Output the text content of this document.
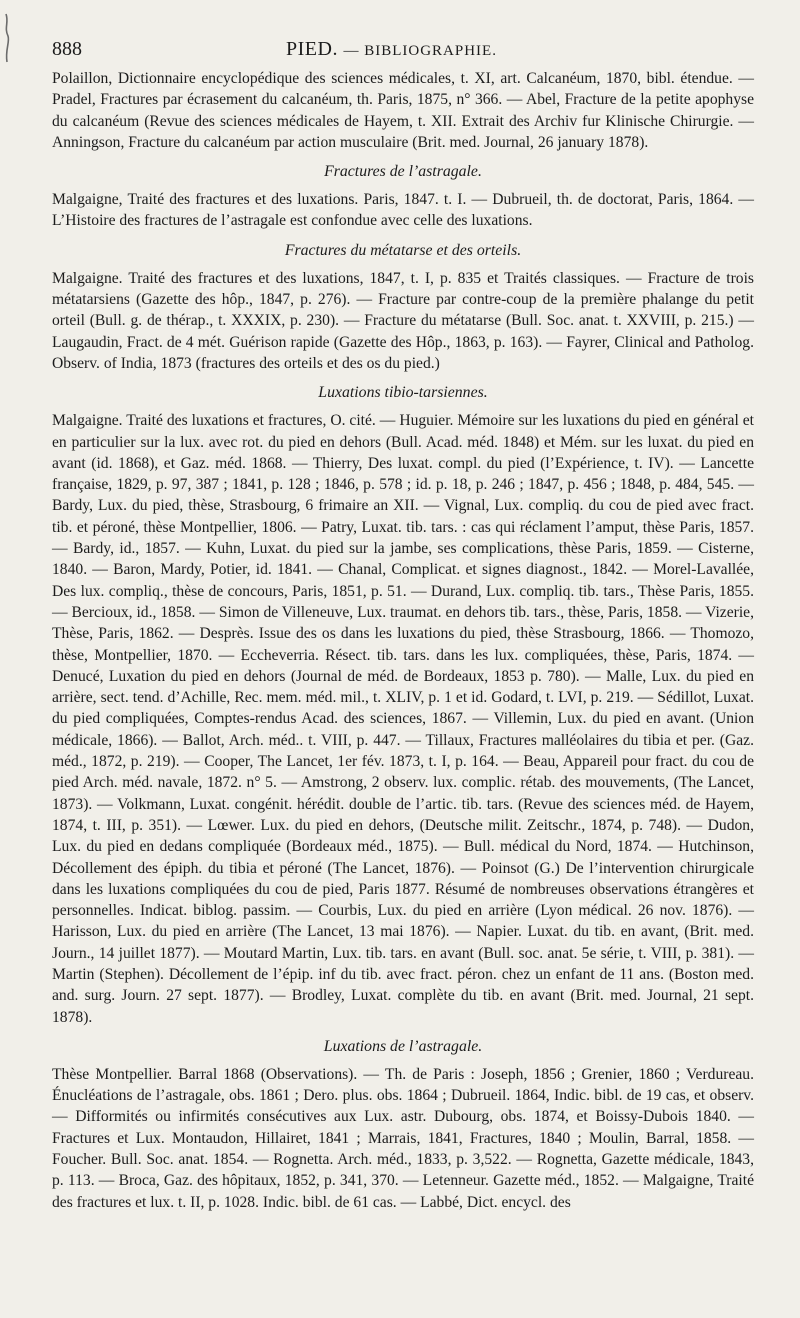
888	PIED. — BIBLIOGRAPHIE.

Polaillon, Dictionnaire encyclopédique des sciences médicales, t. XI, art. Calcanéum, 1870, bibl. étendue. — Pradel, Fractures par écrasement du calcanéum, th. Paris, 1875, n° 366. — Abel, Fracture de la petite apophyse du calcanéum (Revue des sciences médicales de Hayem, t. XII. Extrait des Archiv fur Klinische Chirurgie. — Anningson, Fracture du calcanéum par action musculaire (Brit. med. Journal, 26 january 1878).

Fractures de l’astragale.

Malgaigne, Traité des fractures et des luxations. Paris, 1847. t. I. — Dubrueil, th. de doctorat, Paris, 1864. — L’Histoire des fractures de l’astragale est confondue avec celle des luxations.

Fractures du métatarse et des orteils.

Malgaigne. Traité des fractures et des luxations, 1847, t. I, p. 835 et Traités classiques. — Fracture de trois métatarsiens (Gazette des hôp., 1847, p. 276). — Fracture par contre-coup de la première phalange du petit orteil (Bull. g. de thérap., t. XXXIX, p. 230). — Fracture du métatarse (Bull. Soc. anat. t. XXVIII, p. 215.) — Laugaudin, Fract. de 4 mét. Guérison rapide (Gazette des Hôp., 1863, p. 163). — Fayrer, Clinical and Patholog. Observ. of India, 1873 (fractures des orteils et des os du pied.)

Luxations tibio-tarsiennes.

Malgaigne. Traité des luxations et fractures, O. cité. — Huguier. Mémoire sur les luxations du pied en général et en particulier sur la lux. avec rot. du pied en dehors (Bull. Acad. méd. 1848) et Mém. sur les luxat. du pied en avant (id. 1868), et Gaz. méd. 1868. — Thierry, Des luxat. compl. du pied (l’Expérience, t. IV). — Lancette française, 1829, p. 97, 387 ; 1841, p. 128 ; 1846, p. 578 ; id. p. 18, p. 246 ; 1847, p. 456 ; 1848, p. 484, 545. — Bardy, Lux. du pied, thèse, Strasbourg, 6 frimaire an XII. — Vignal, Lux. compliq. du cou de pied avec fract. tib. et péroné, thèse Montpellier, 1806. — Patry, Luxat. tib. tars. : cas qui réclament l’amput, thèse Paris, 1857. — Bardy, id., 1857. — Kuhn, Luxat. du pied sur la jambe, ses complications, thèse Paris, 1859. — Cisterne, 1840. — Baron, Mardy, Potier, id. 1841. — Chanal, Complicat. et signes diagnost., 1842. — Morel-Lavallée, Des lux. compliq., thèse de concours, Paris, 1851, p. 51. — Durand, Lux. compliq. tib. tars., Thèse Paris, 1855. — Bercioux, id., 1858. — Simon de Villeneuve, Lux. traumat. en dehors tib. tars., thèse, Paris, 1858. — Vizerie, Thèse, Paris, 1862. — Desprès. Issue des os dans les luxations du pied, thèse Strasbourg, 1866. — Thomozo, thèse, Montpellier, 1870. — Eccheverria. Résect. tib. tars. dans les lux. compliquées, thèse, Paris, 1874. — Denucé, Luxation du pied en dehors (Journal de méd. de Bordeaux, 1853 p. 780). — Malle, Lux. du pied en arrière, sect. tend. d’Achille, Rec. mem. méd. mil., t. XLIV, p. 1 et id. Godard, t. LVI, p. 219. — Sédillot, Luxat. du pied compliquées, Comptes-rendus Acad. des sciences, 1867. — Villemin, Lux. du pied en avant. (Union médicale, 1866). — Ballot, Arch. méd.. t. VIII, p. 447. — Tillaux, Fractures malléolaires du tibia et per. (Gaz. méd., 1872, p. 219). — Cooper, The Lancet, 1er fév. 1873, t. I, p. 164. — Beau, Appareil pour fract. du cou de pied Arch. méd. navale, 1872. n° 5. — Amstrong, 2 observ. lux. complic. rétab. des mouvements, (The Lancet, 1873). — Volkmann, Luxat. congénit. hérédit. double de l’artic. tib. tars. (Revue des sciences méd. de Hayem, 1874, t. III, p. 351). — Lœwer. Lux. du pied en dehors, (Deutsche milit. Zeitschr., 1874, p. 748). — Dudon, Lux. du pied en dedans compliquée (Bordeaux méd., 1875). — Bull. médical du Nord, 1874. — Hutchinson, Décollement des épiph. du tibia et péroné (The Lancet, 1876). — Poinsot (G.) De l’intervention chirurgicale dans les luxations compliquées du cou de pied, Paris 1877. Résumé de nombreuses observations étrangères et personnelles. Indicat. biblog. passim. — Courbis, Lux. du pied en arrière (Lyon médical. 26 nov. 1876). — Harisson, Lux. du pied en arrière (The Lancet, 13 mai 1876). — Napier. Luxat. du tib. en avant, (Brit. med. Journ., 14 juillet 1877). — Moutard Martin, Lux. tib. tars. en avant (Bull. soc. anat. 5e série, t. VIII, p. 381). — Martin (Stephen). Décollement de l’épip. inf du tib. avec fract. péron. chez un enfant de 11 ans. (Boston med. and. surg. Journ. 27 sept. 1877). — Brodley, Luxat. complète du tib. en avant (Brit. med. Journal, 21 sept. 1878).

Luxations de l’astragale.

Thèse Montpellier. Barral 1868 (Observations). — Th. de Paris : Joseph, 1856 ; Grenier, 1860 ; Verdureau. Énucléations de l’astragale, obs. 1861 ; Dero. plus. obs. 1864 ; Dubrueil. 1864, Indic. bibl. de 19 cas, et observ. — Difformités ou infirmités consécutives aux Lux. astr. Dubourg, obs. 1874, et Boissy-Dubois 1840. — Fractures et Lux. Montaudon, Hillairet, 1841 ; Marrais, 1841, Fractures, 1840 ; Moulin, Barral, 1858. — Foucher. Bull. Soc. anat. 1854. — Rognetta. Arch. méd., 1833, p. 3,522. — Rognetta, Gazette médicale, 1843, p. 113. — Broca, Gaz. des hôpitaux, 1852, p. 341, 370. — Letenneur. Gazette méd., 1852. — Malgaigne, Traité des fractures et lux. t. II, p. 1028. Indic. bibl. de 61 cas. — Labbé, Dict. encycl. des
